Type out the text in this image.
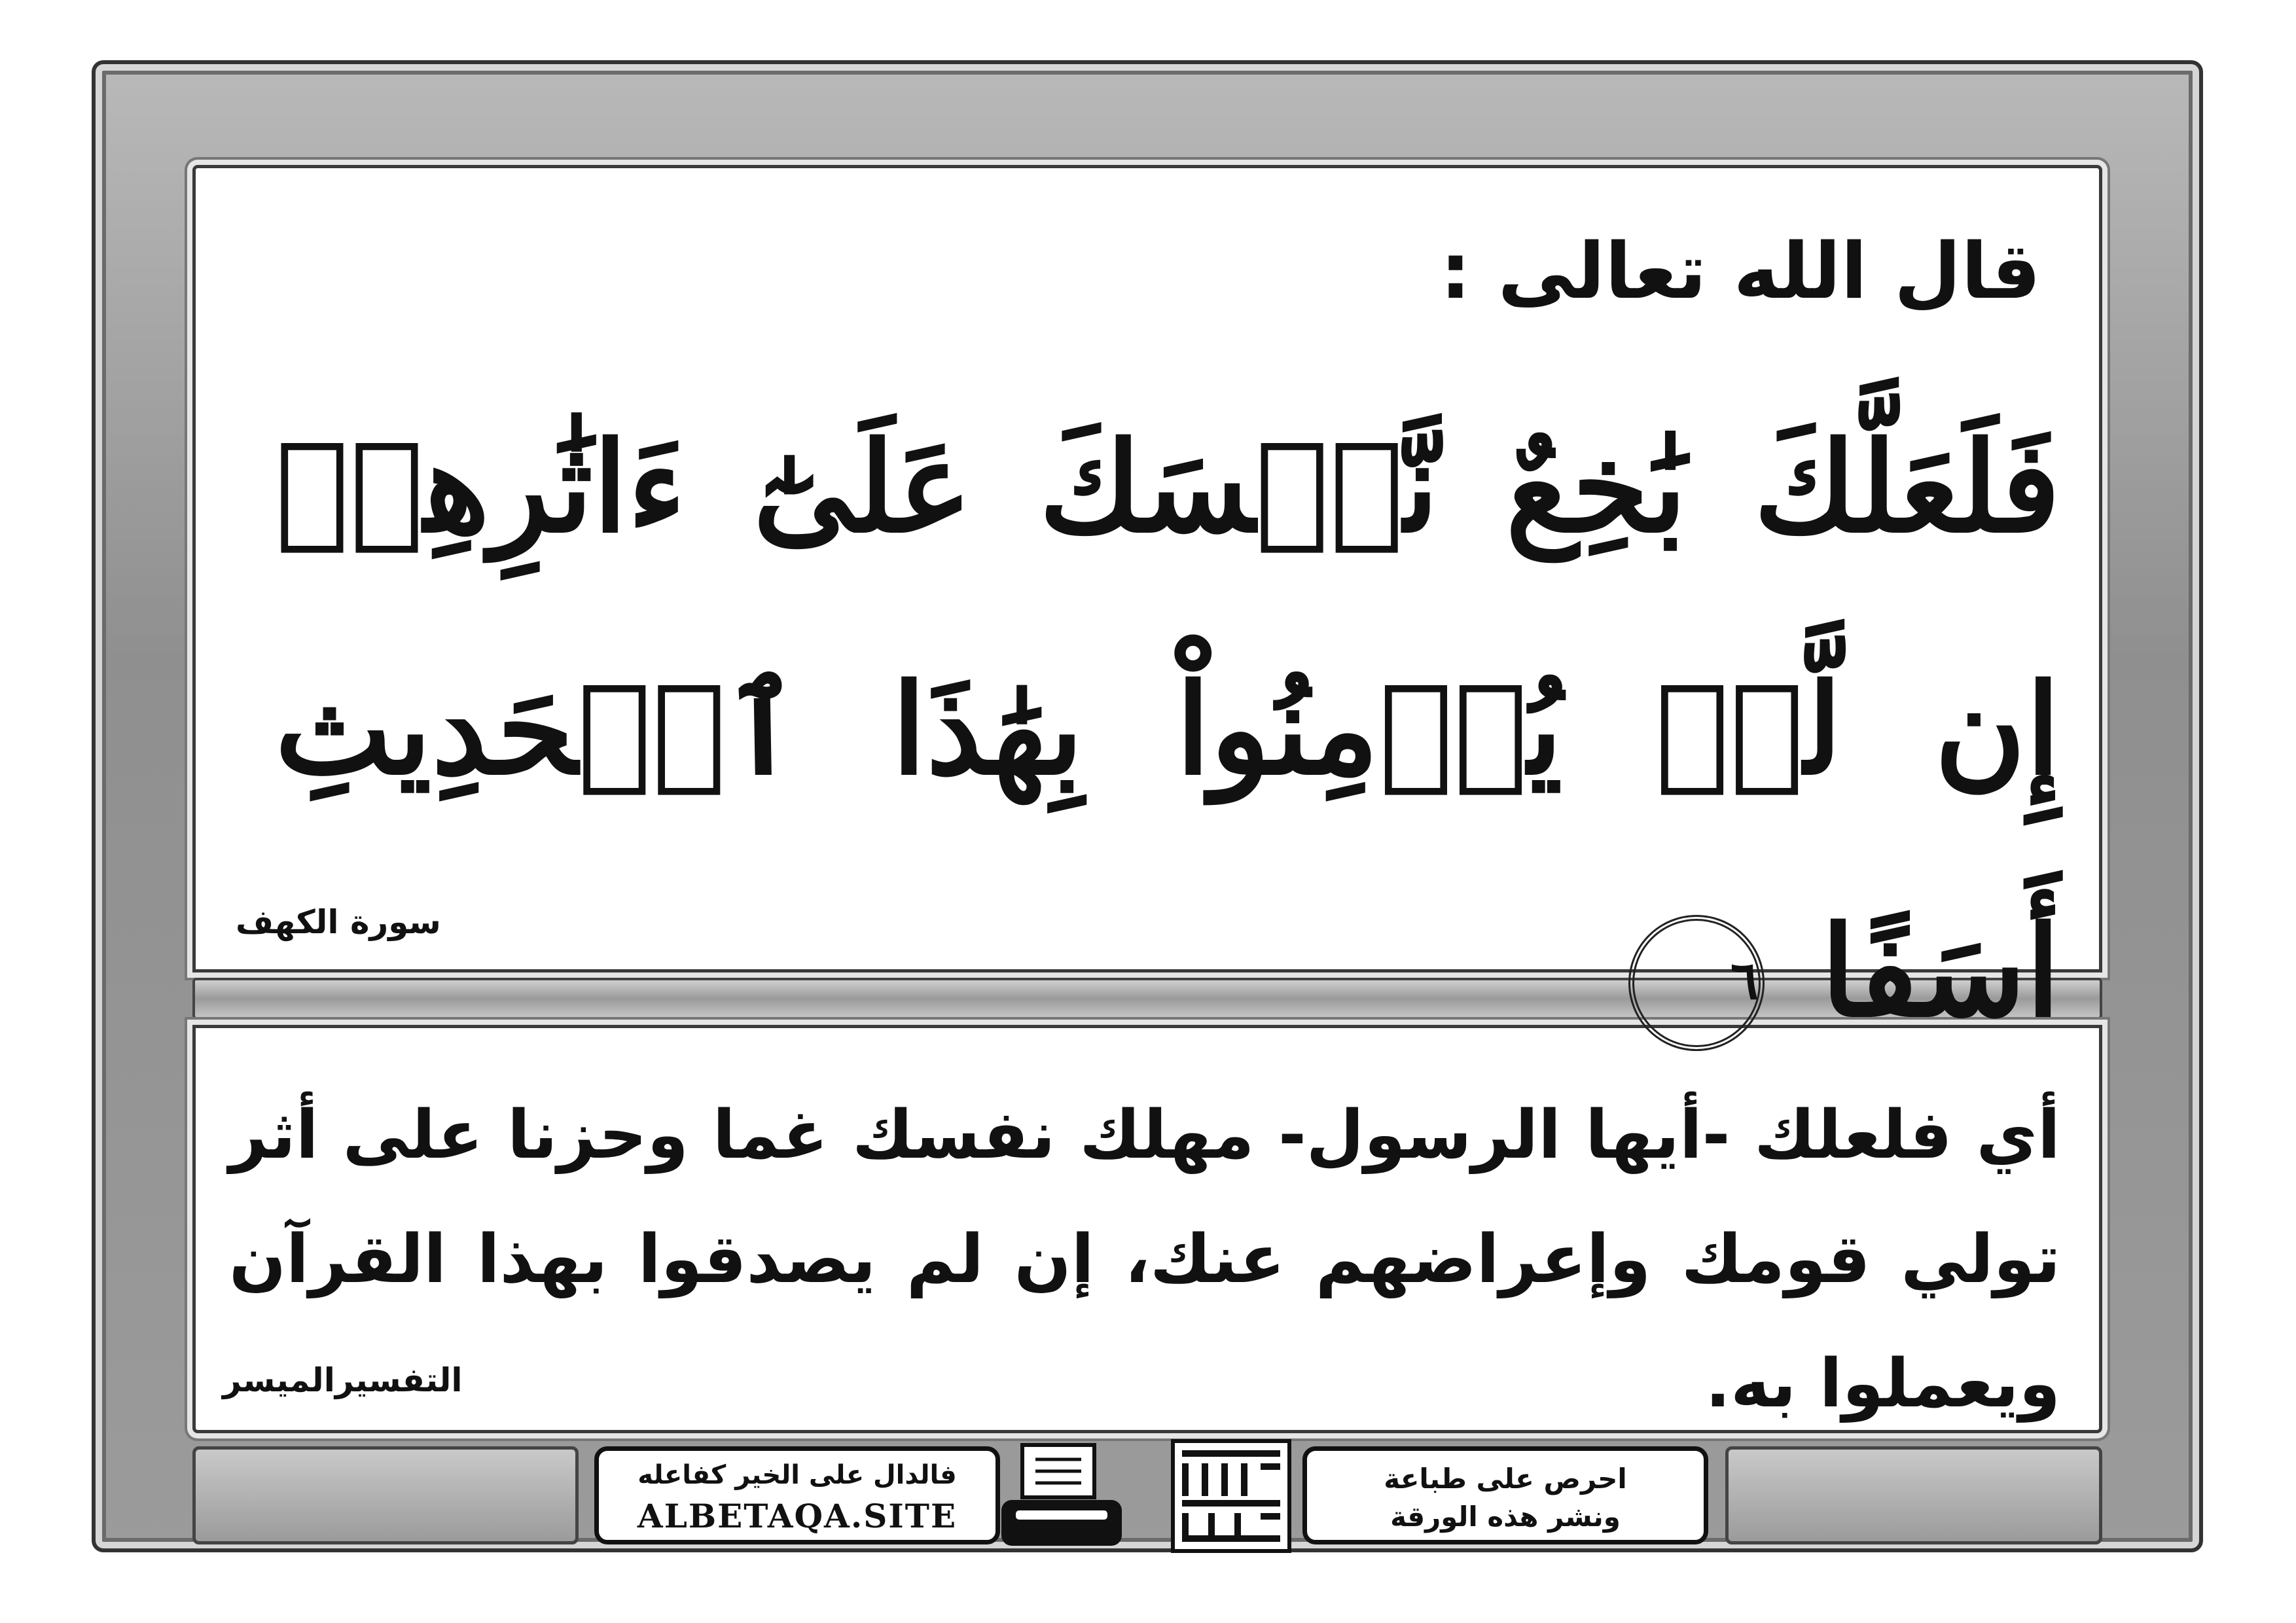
قال الله تعالى :
فَلَعَلَّكَ بَٰخِعٌ نَّفۡسَكَ عَلَىٰٓ ءَاثَٰرِهِمۡ إِن لَّمۡ يُؤۡمِنُواْ بِهَٰذَا ٱلۡحَدِيثِ أَسَفًا ٦
سورة الكهف
أي فلعلك -أيها الرسول- مهلك نفسك غما وحزنا على أثر تولي قومك وإعراضهم عنك، إن لم يصدقوا بهذا القرآن ويعملوا به.
التفسيرالميسر
فالدال على الخير كفاعله
ALBETAQA.SITE
احرص على طباعة
ونشر هذه الورقة
